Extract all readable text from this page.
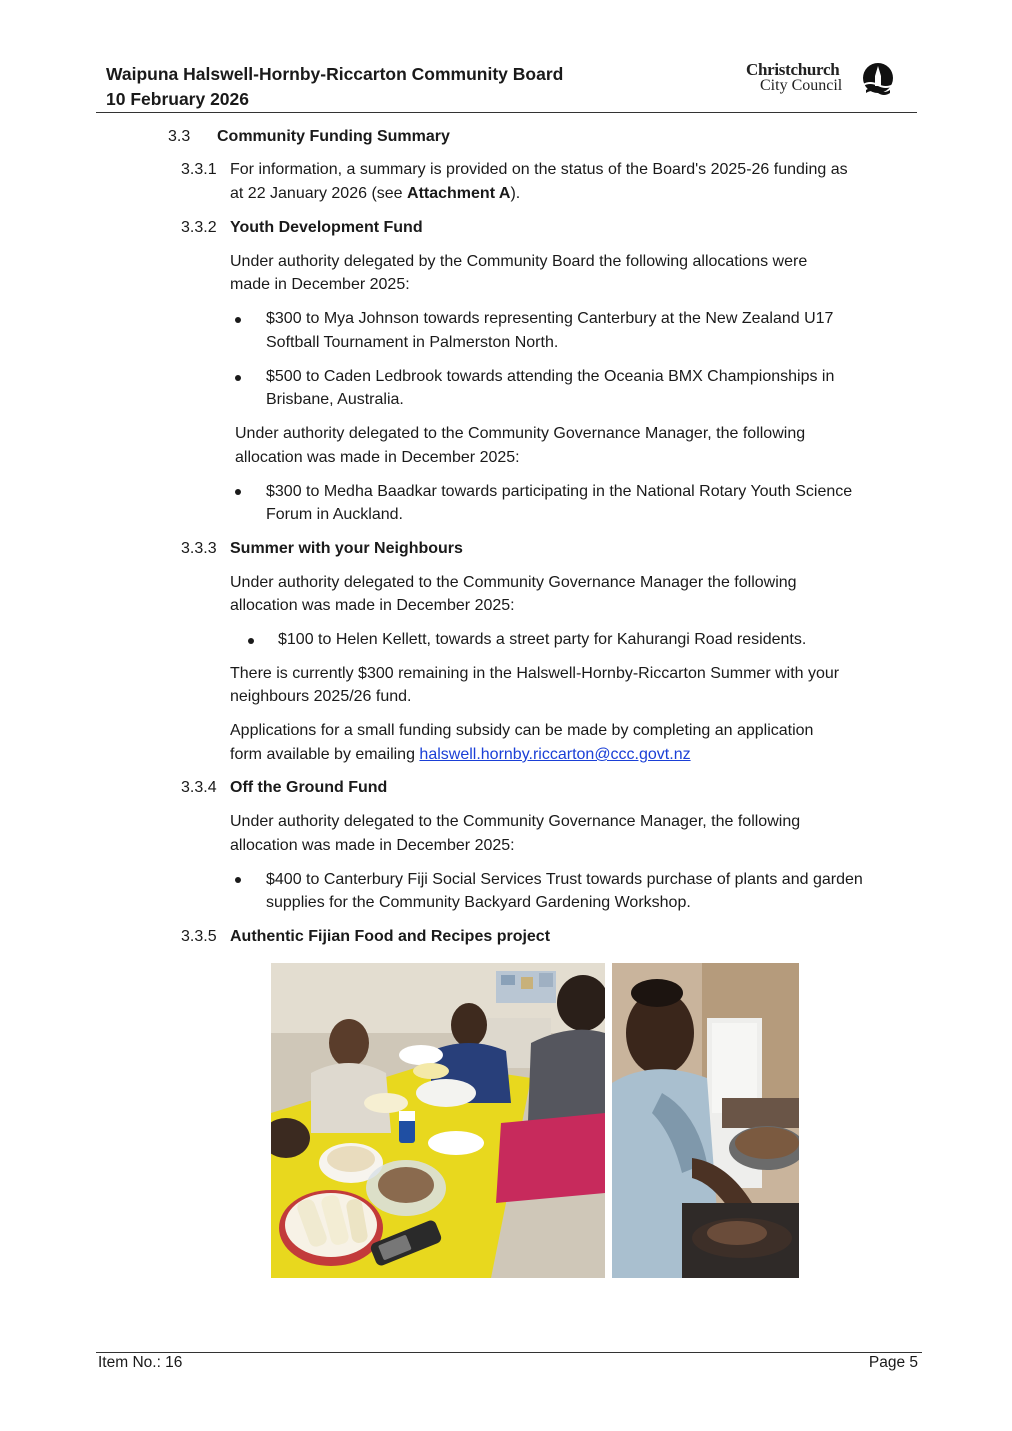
Waipuna Halswell-Hornby-Riccarton Community Board
10 February 2026
Christchurch
City Council
3.3 Community Funding Summary
3.3.1 For information, a summary is provided on the status of the Board's 2025-26 funding as
at 22 January 2026 (see Attachment A).
3.3.2 Youth Development Fund
Under authority delegated by the Community Board the following allocations were
made in December 2025:
$300 to Mya Johnson towards representing Canterbury at the New Zealand U17
Softball Tournament in Palmerston North.
$500 to Caden Ledbrook towards attending the Oceania BMX Championships in
Brisbane, Australia.
Under authority delegated to the Community Governance Manager, the following
allocation was made in December 2025:
$300 to Medha Baadkar towards participating in the National Rotary Youth Science
Forum in Auckland.
3.3.3 Summer with your Neighbours
Under authority delegated to the Community Governance Manager the following
allocation was made in December 2025:
$100 to Helen Kellett, towards a street party for Kahurangi Road residents.
There is currently $300 remaining in the Halswell-Hornby-Riccarton Summer with your
neighbours 2025/26 fund.
Applications for a small funding subsidy can be made by completing an application
form available by emailing halswell.hornby.riccarton@ccc.govt.nz
3.3.4 Off the Ground Fund
Under authority delegated to the Community Governance Manager, the following
allocation was made in December 2025:
$400 to Canterbury Fiji Social Services Trust towards purchase of plants and garden
supplies for the Community Backyard Gardening Workshop.
3.3.5 Authentic Fijian Food and Recipes project
Item No.: 16	Page 5
